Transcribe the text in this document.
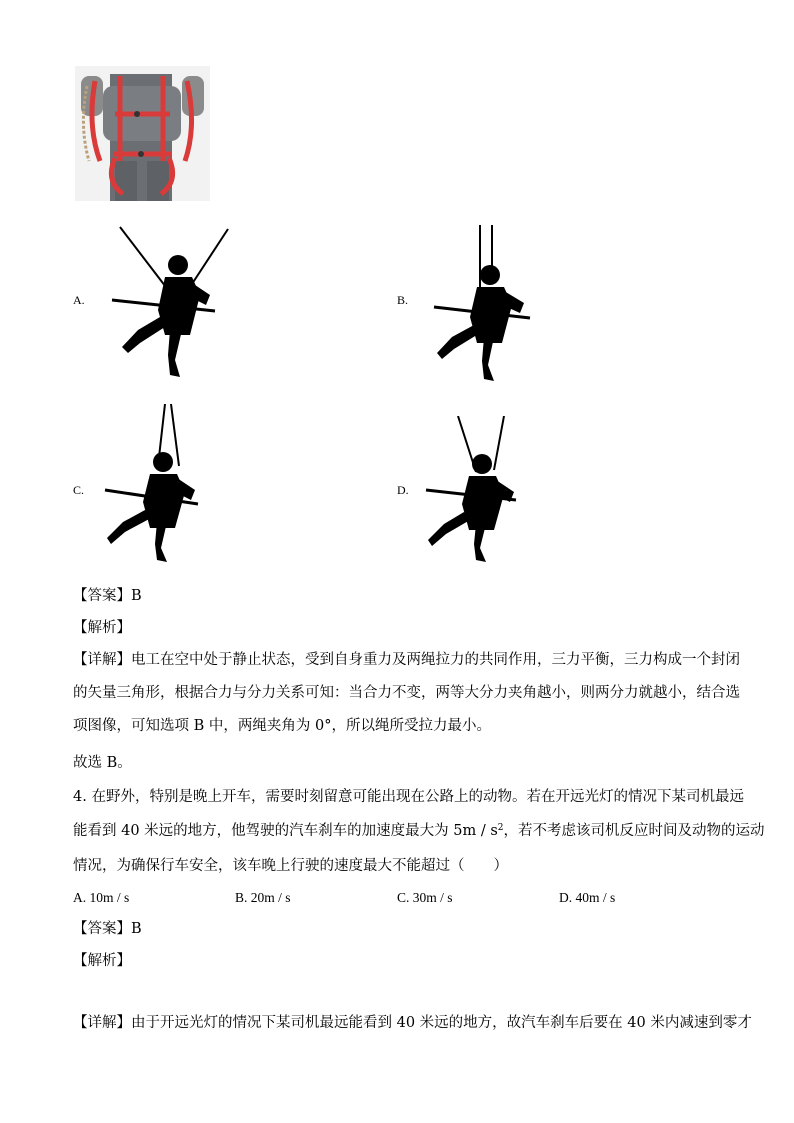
A.	B.
C.	D.
【答案】B
【解析】
【详解】电工在空中处于静止状态，受到自身重力及两绳拉力的共同作用，三力平衡，三力构成一个封闭
的矢量三角形，根据合力与分力关系可知：当合力不变，两等大分力夹角越小，则两分力就越小，结合选
项图像，可知选项 B 中，两绳夹角为 0°，所以绳所受拉力最小。
故选 B。
4. 在野外，特别是晚上开车，需要时刻留意可能出现在公路上的动物。若在开远光灯的情况下某司机最远
能看到 40 米远的地方，他驾驶的汽车刹车的加速度最大为 $5m / s^2$，若不考虑该司机反应时间及动物的运动
情况，为确保行车安全，该车晚上行驶的速度最大不能超过（　　）
A. 10m / s	B. 20m / s	C. 30m / s	D. 40m / s
【答案】B
【解析】
【详解】由于开远光灯的情况下某司机最远能看到 40 米远的地方，故汽车刹车后要在 40 米内减速到零才
